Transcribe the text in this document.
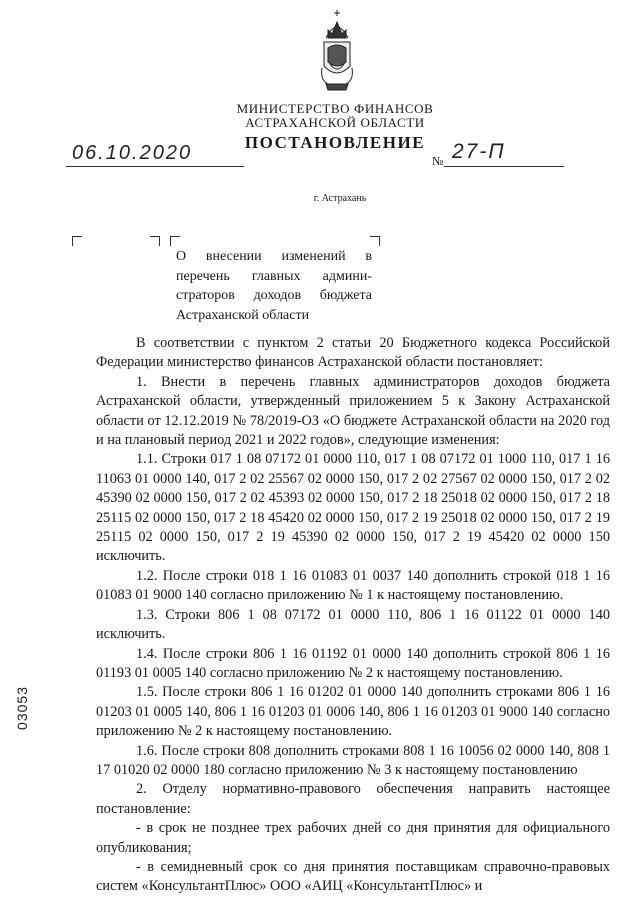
МИНИСТЕРСТВО ФИНАНСОВ
АСТРАХАНСКОЙ ОБЛАСТИ
ПОСТАНОВЛЕНИЕ
06.10.2020	№ 27-П
г. Астрахань
О внесении изменений в
перечень главных админи-
страторов доходов бюджета
Астраханской области

В соответствии с пунктом 2 статьи 20 Бюджетного кодекса Российской Федерации министерство финансов Астраханской области постановляет:

1. Внести в перечень главных администраторов доходов бюджета Астраханской области, утвержденный приложением 5 к Закону Астраханской области от 12.12.2019 № 78/2019-ОЗ «О бюджете Астраханской области на 2020 год и на плановый период 2021 и 2022 годов», следующие изменения:

1.1. Строки 017 1 08 07172 01 0000 110, 017 1 08 07172 01 1000 110, 017 1 16 11063 01 0000 140, 017 2 02 25567 02 0000 150, 017 2 02 27567 02 0000 150, 017 2 02 45390 02 0000 150, 017 2 02 45393 02 0000 150, 017 2 18 25018 02 0000 150, 017 2 18 25115 02 0000 150, 017 2 18 45420 02 0000 150, 017 2 19 25018 02 0000 150, 017 2 19 25115 02 0000 150, 017 2 19 45390 02 0000 150, 017 2 19 45420 02 0000 150 исключить.

1.2. После строки 018 1 16 01083 01 0037 140 дополнить строкой 018 1 16 01083 01 9000 140 согласно приложению № 1 к настоящему постановлению.

1.3. Строки 806 1 08 07172 01 0000 110, 806 1 16 01122 01 0000 140 исключить.

1.4. После строки 806 1 16 01192 01 0000 140 дополнить строкой 806 1 16 01193 01 0005 140 согласно приложению № 2 к настоящему постановлению.

1.5. После строки 806 1 16 01202 01 0000 140 дополнить строками 806 1 16 01203 01 0005 140, 806 1 16 01203 01 0006 140, 806 1 16 01203 01 9000 140 согласно приложению № 2 к настоящему постановлению.

1.6. После строки 808 дополнить строками 808 1 16 10056 02 0000 140, 808 1 17 01020 02 0000 180 согласно приложению № 3 к настоящему постановлению

2. Отделу нормативно-правового обеспечения направить настоящее постановление:

- в срок не позднее трех рабочих дней со дня принятия для официального опубликования;

- в семидневный срок со дня принятия поставщикам справочно-правовых систем «КонсультантПлюс» ООО «АИЦ «КонсультантПлюс» и

03053
